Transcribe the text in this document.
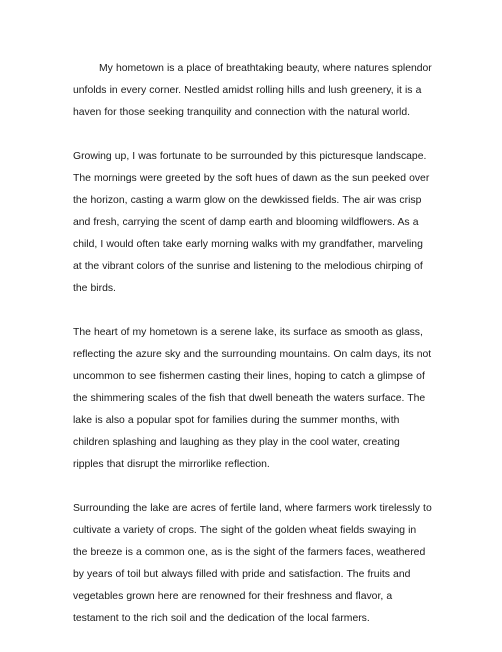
My hometown is a place of breathtaking beauty, where natures splendor unfolds in every corner. Nestled amidst rolling hills and lush greenery, it is a haven for those seeking tranquility and connection with the natural world.

Growing up, I was fortunate to be surrounded by this picturesque landscape. The mornings were greeted by the soft hues of dawn as the sun peeked over the horizon, casting a warm glow on the dewkissed fields. The air was crisp and fresh, carrying the scent of damp earth and blooming wildflowers. As a child, I would often take early morning walks with my grandfather, marveling at the vibrant colors of the sunrise and listening to the melodious chirping of the birds.

The heart of my hometown is a serene lake, its surface as smooth as glass, reflecting the azure sky and the surrounding mountains. On calm days, its not uncommon to see fishermen casting their lines, hoping to catch a glimpse of the shimmering scales of the fish that dwell beneath the waters surface. The lake is also a popular spot for families during the summer months, with children splashing and laughing as they play in the cool water, creating ripples that disrupt the mirrorlike reflection.

Surrounding the lake are acres of fertile land, where farmers work tirelessly to cultivate a variety of crops. The sight of the golden wheat fields swaying in the breeze is a common one, as is the sight of the farmers faces, weathered by years of toil but always filled with pride and satisfaction. The fruits and vegetables grown here are renowned for their freshness and flavor, a testament to the rich soil and the dedication of the local farmers.
